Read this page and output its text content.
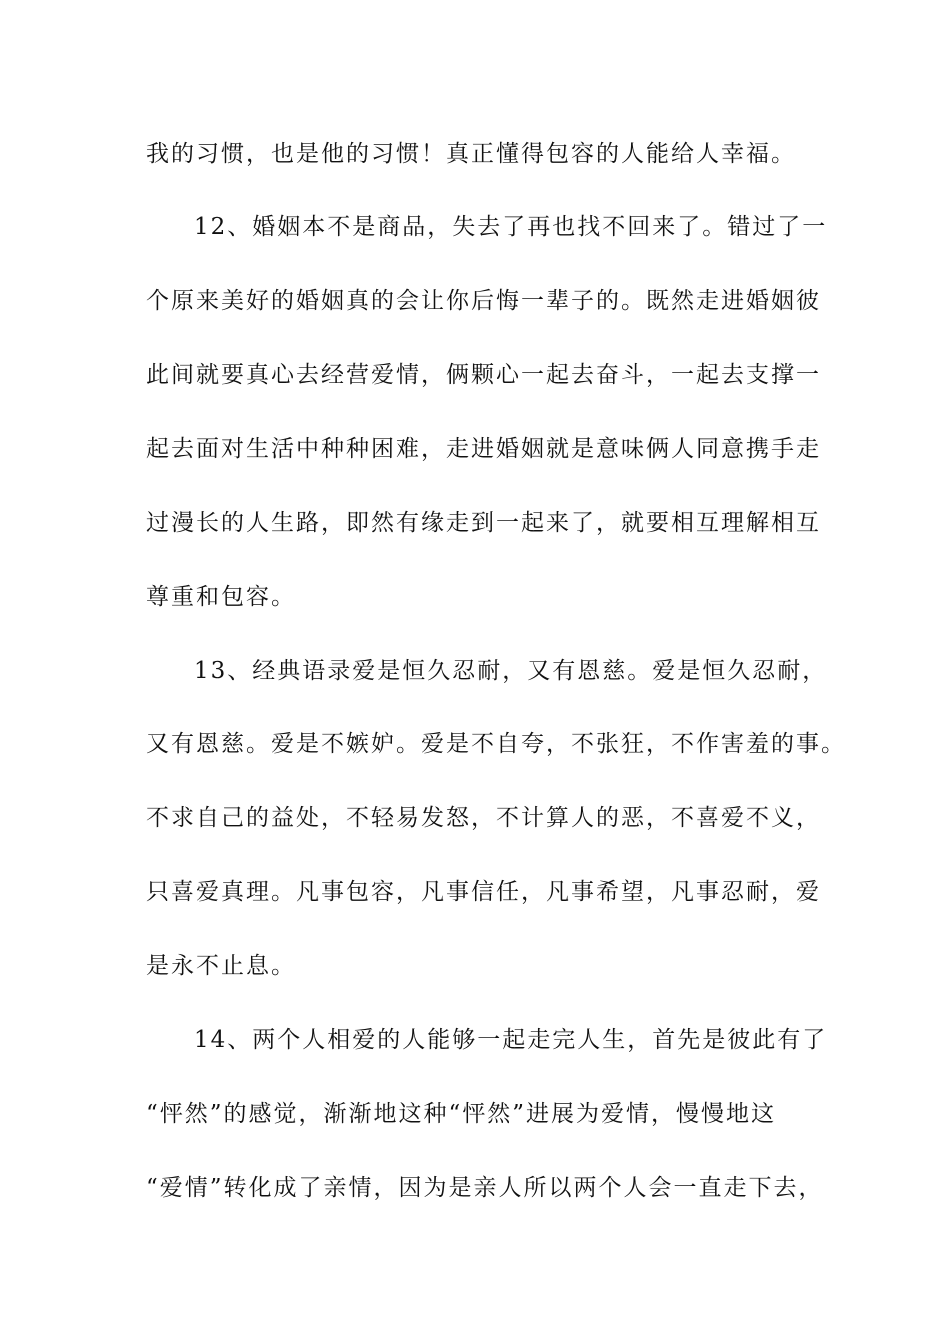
我的习惯，也是他的习惯！真正懂得包容的人能给人幸福。
12、婚姻本不是商品，失去了再也找不回来了。错过了一
个原来美好的婚姻真的会让你后悔一辈子的。既然走进婚姻彼
此间就要真心去经营爱情，俩颗心一起去奋斗，一起去支撑一
起去面对生活中种种困难，走进婚姻就是意味俩人同意携手走
过漫长的人生路，即然有缘走到一起来了，就要相互理解相互
尊重和包容。
13、经典语录爱是恒久忍耐，又有恩慈。爱是恒久忍耐，
又有恩慈。爱是不嫉妒。爱是不自夸，不张狂，不作害羞的事。
不求自己的益处，不轻易发怒，不计算人的恶，不喜爱不义，
只喜爱真理。凡事包容，凡事信任，凡事希望，凡事忍耐，爱
是永不止息。
14、两个人相爱的人能够一起走完人生，首先是彼此有了
“怦然”的感觉，渐渐地这种“怦然”进展为爱情，慢慢地这
“爱情”转化成了亲情，因为是亲人所以两个人会一直走下去，
